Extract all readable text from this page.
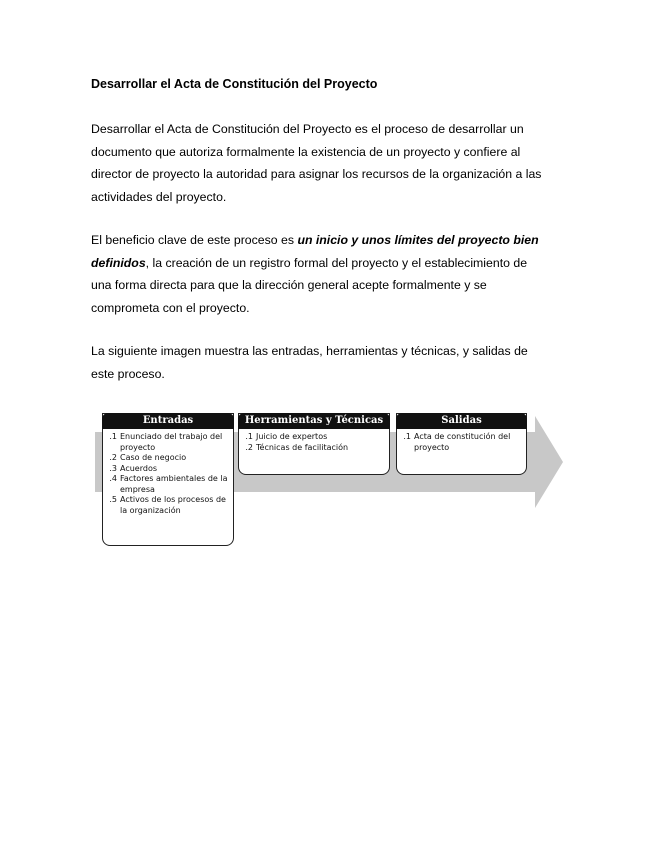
Desarrollar el Acta de Constitución del Proyecto
Desarrollar el Acta de Constitución del Proyecto es el proceso de desarrollar un
documento que autoriza formalmente la existencia de un proyecto y confiere al
director de proyecto la autoridad para asignar los recursos de la organización a las
actividades del proyecto.
El beneficio clave de este proceso es un inicio y unos límites del proyecto bien
definidos, la creación de un registro formal del proyecto y el establecimiento de
una forma directa para que la dirección general acepte formalmente y se
comprometa con el proyecto.
La siguiente imagen muestra las entradas, herramientas y técnicas, y salidas de
este proceso.
Entradas
.1 Enunciado del trabajo del proyecto
.2 Caso de negocio
.3 Acuerdos
.4 Factores ambientales de la empresa
.5 Activos de los procesos de la organización
Herramientas y Técnicas
.1 Juicio de expertos
.2 Técnicas de facilitación
Salidas
.1 Acta de constitución del proyecto
